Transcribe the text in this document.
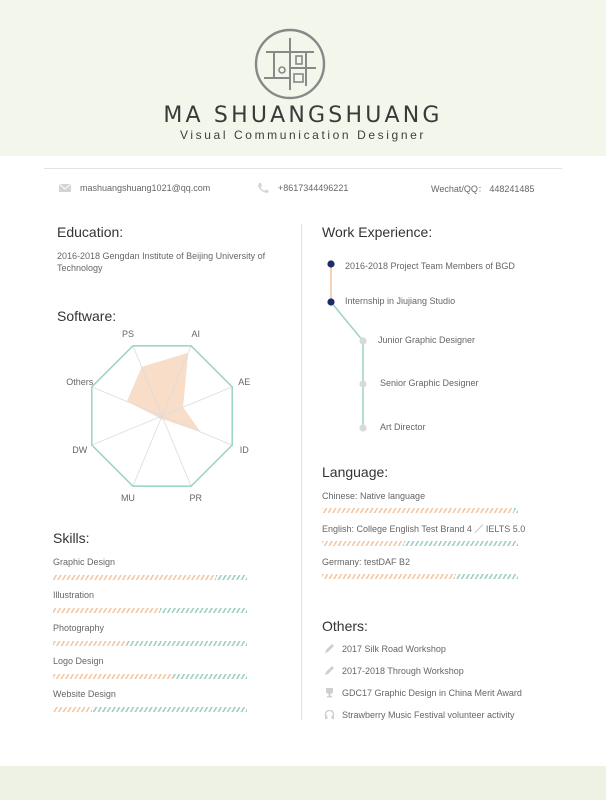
MA SHUANGSHUANG
Visual Communication Designer
mashuangshuang1021@qq.com	+8617344496221	Wechat/QQ： 448241485
Education:
2016-2018 Gengdan Institute of Beijing University of Technology
Software:
PS	AI
AE
ID
PR
MU
DW
Others
Skills:
Graphic Design
Illustration
Photography
Logo Design
Website Design
Work Experience:
2016-2018 Project Team Members of BGD
Internship in Jiujiang Studio
Junior Graphic Designer
Senior Graphic Designer
Art Director
Language:
Chinese: Native language
English: College English Test Brand 4 ／ IELTS 5.0
Germany: testDAF B2
Others:
2017 Silk Road Workshop
2017-2018 Through Workshop
GDC17 Graphic Design in China Merit Award
Strawberry Music Festival volunteer activity
